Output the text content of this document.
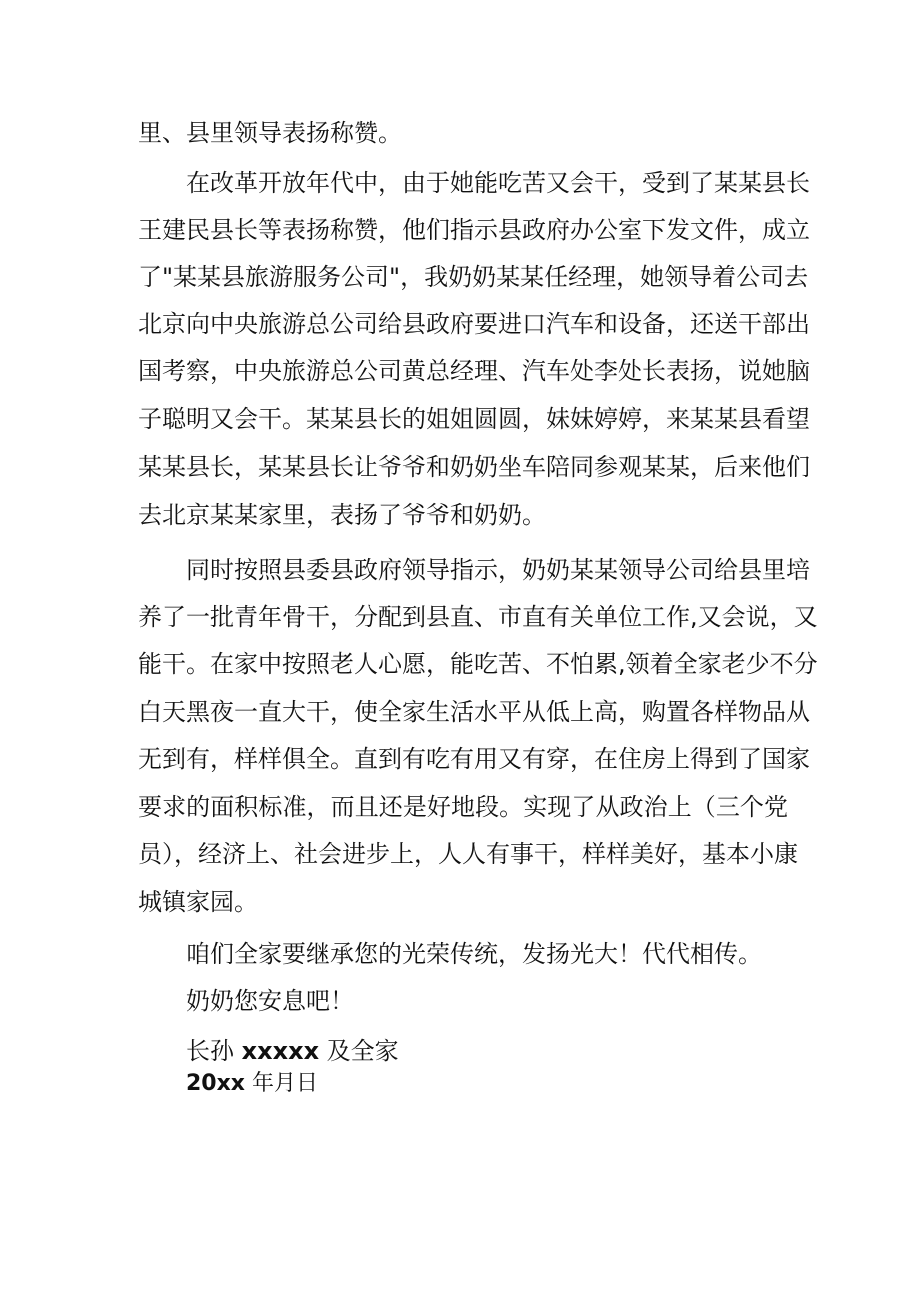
里、县里领导表扬称赞。
在改革开放年代中，由于她能吃苦又会干，受到了某某县长
王建民县长等表扬称赞，他们指示县政府办公室下发文件，成立
了"某某县旅游服务公司"，我奶奶某某任经理，她领导着公司去
北京向中央旅游总公司给县政府要进口汽车和设备，还送干部出
国考察，中央旅游总公司黄总经理、汽车处李处长表扬，说她脑
子聪明又会干。某某县长的姐姐圆圆，妹妹婷婷，来某某县看望
某某县长，某某县长让爷爷和奶奶坐车陪同参观某某，后来他们
去北京某某家里，表扬了爷爷和奶奶。
同时按照县委县政府领导指示，奶奶某某领导公司给县里培
养了一批青年骨干，分配到县直、市直有关单位工作,又会说，又
能干。在家中按照老人心愿，能吃苦、不怕累,领着全家老少不分
白天黑夜一直大干，使全家生活水平从低上高，购置各样物品从
无到有，样样俱全。直到有吃有用又有穿，在住房上得到了国家
要求的面积标准，而且还是好地段。实现了从政治上（三个党
员），经济上、社会进步上，人人有事干，样样美好，基本小康
城镇家园。
咱们全家要继承您的光荣传统，发扬光大！代代相传。
奶奶您安息吧！
长孙 xxxxx 及全家
20xx 年月日
